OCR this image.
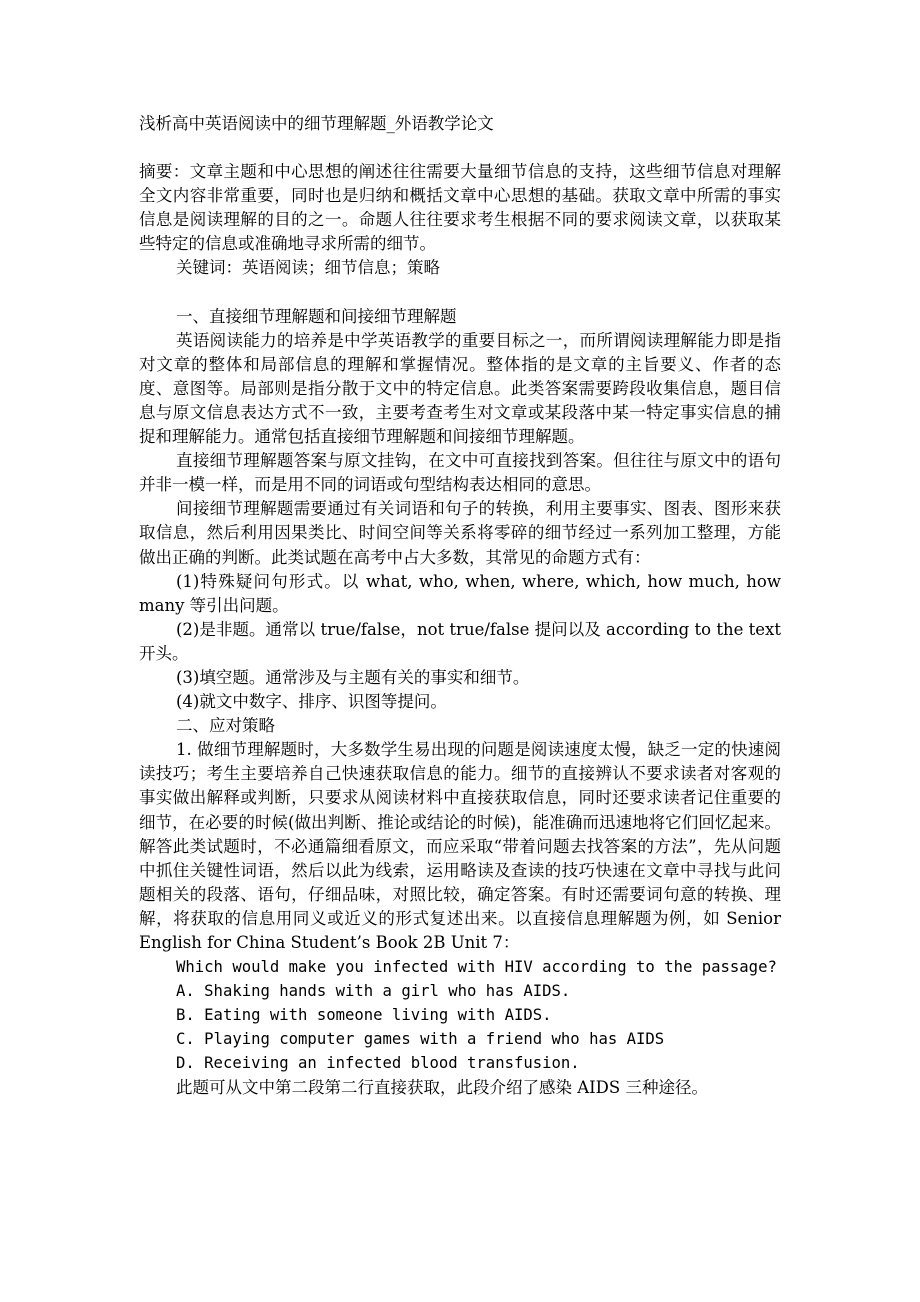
浅析高中英语阅读中的细节理解题_外语教学论文

摘要：文章主题和中心思想的阐述往往需要大量细节信息的支持，这些细节信息对理解全文内容非常重要，同时也是归纳和概括文章中心思想的基础。获取文章中所需的事实信息是阅读理解的目的之一。命题人往往要求考生根据不同的要求阅读文章，以获取某些特定的信息或准确地寻求所需的细节。

关键词：英语阅读；细节信息；策略

一、直接细节理解题和间接细节理解题

英语阅读能力的培养是中学英语教学的重要目标之一，而所谓阅读理解能力即是指对文章的整体和局部信息的理解和掌握情况。整体指的是文章的主旨要义、作者的态度、意图等。局部则是指分散于文中的特定信息。此类答案需要跨段收集信息，题目信息与原文信息表达方式不一致，主要考查考生对文章或某段落中某一特定事实信息的捕捉和理解能力。通常包括直接细节理解题和间接细节理解题。

直接细节理解题答案与原文挂钩，在文中可直接找到答案。但往往与原文中的语句并非一模一样，而是用不同的词语或句型结构表达相同的意思。

间接细节理解题需要通过有关词语和句子的转换，利用主要事实、图表、图形来获取信息，然后利用因果类比、时间空间等关系将零碎的细节经过一系列加工整理，方能做出正确的判断。此类试题在高考中占大多数，其常见的命题方式有：

(1)特殊疑问句形式。以 what, who, when, where, which, how much, how many 等引出问题。

(2)是非题。通常以 true/false，not true/false 提问以及 according to the text 开头。

(3)填空题。通常涉及与主题有关的事实和细节。

(4)就文中数字、排序、识图等提问。

二、应对策略

1. 做细节理解题时，大多数学生易出现的问题是阅读速度太慢，缺乏一定的快速阅读技巧；考生主要培养自己快速获取信息的能力。细节的直接辨认不要求读者对客观的事实做出解释或判断，只要求从阅读材料中直接获取信息，同时还要求读者记住重要的细节，在必要的时候(做出判断、推论或结论的时候)，能准确而迅速地将它们回忆起来。解答此类试题时，不必通篇细看原文，而应采取“带着问题去找答案的方法”，先从问题中抓住关键性词语，然后以此为线索，运用略读及查读的技巧快速在文章中寻找与此问题相关的段落、语句，仔细品味，对照比较，确定答案。有时还需要词句意的转换、理解，将获取的信息用同义或近义的形式复述出来。以直接信息理解题为例，如 Senior English for China Student’s Book 2B Unit 7：

Which would make you infected with HIV according to the passage?

A. Shaking hands with a girl who has AIDS.

B. Eating with someone living with AIDS.

C. Playing computer games with a friend who has AIDS

D. Receiving an infected blood transfusion.

此题可从文中第二段第二行直接获取，此段介绍了感染 AIDS 三种途径。
